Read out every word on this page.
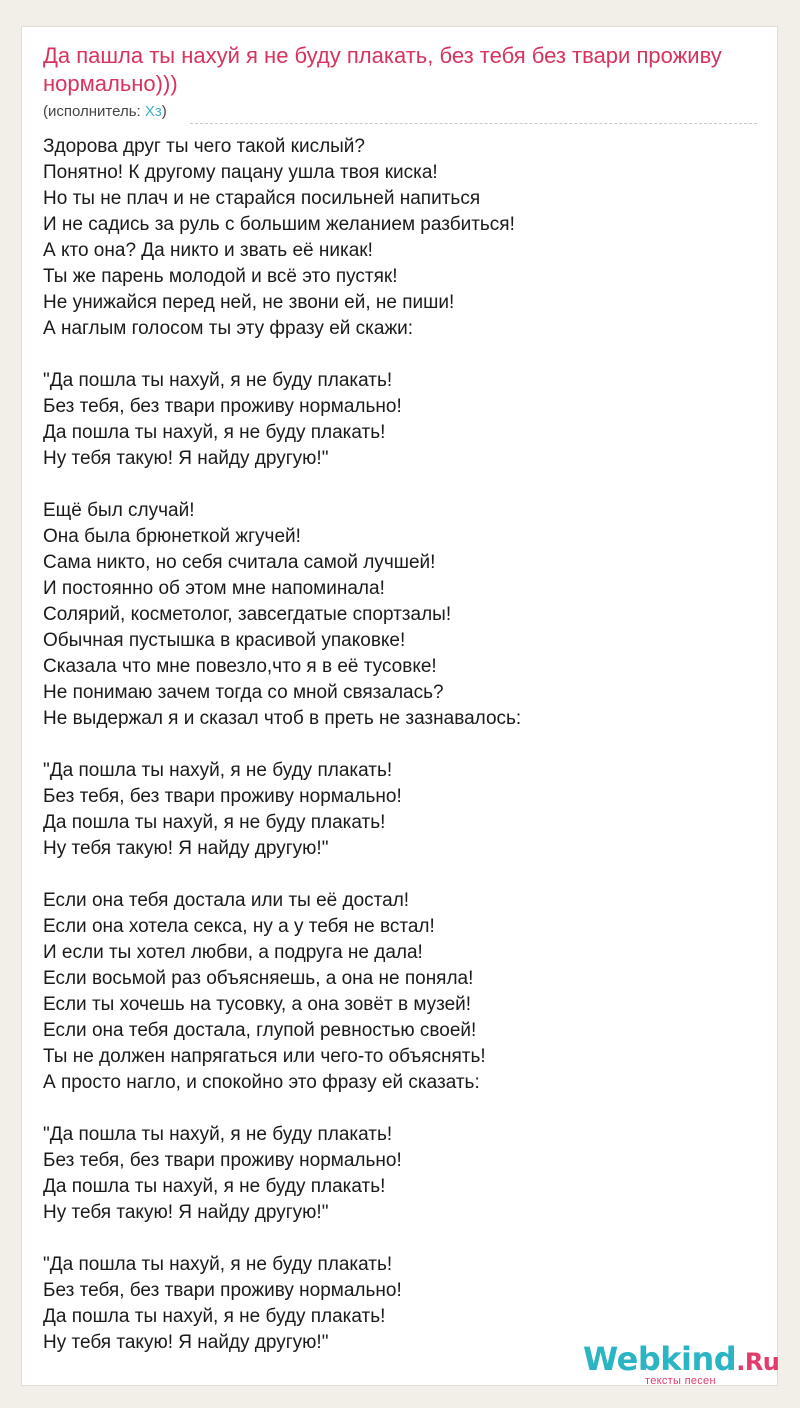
Да пашла ты нахуй я не буду плакать, без тебя без твари проживу нормально)))
(исполнитель: Хз)
Здорова друг ты чего такой кислый?
Понятно! К другому пацану ушла твоя киска!
Но ты не плач и не старайся посильней напиться
И не садись за руль с большим желанием разбиться!
А кто она? Да никто и звать её никак!
Ты же парень молодой и всё это пустяк!
Не унижайся перед ней, не звони ей, не пиши!
А наглым голосом ты эту фразу ей скажи:
"Да пошла ты нахуй, я не буду плакать!
Без тебя, без твари проживу нормально!
Да пошла ты нахуй, я не буду плакать!
Ну тебя такую! Я найду другую!"
Ещё был случай!
Она была брюнеткой жгучей!
Сама никто, но себя считала самой лучшей!
И постоянно об этом мне напоминала!
Солярий, косметолог, завсегдатые спортзалы!
Обычная пустышка в красивой упаковке!
Сказала что мне повезло,что я в её тусовке!
Не понимаю зачем тогда со мной связалась?
Не выдержал я и сказал чтоб в преть не зазнавалось:
"Да пошла ты нахуй, я не буду плакать!
Без тебя, без твари проживу нормально!
Да пошла ты нахуй, я не буду плакать!
Ну тебя такую! Я найду другую!"
Если она тебя достала или ты её достал!
Если она хотела секса, ну а у тебя не встал!
И если ты хотел любви, а подруга не дала!
Если восьмой раз объясняешь, а она не поняла!
Если ты хочешь на тусовку, а она зовёт в музей!
Если она тебя достала, глупой ревностью своей!
Ты не должен напрягаться или чего-то объяснять!
А просто нагло, и спокойно это фразу ей сказать:
"Да пошла ты нахуй, я не буду плакать!
Без тебя, без твари проживу нормально!
Да пошла ты нахуй, я не буду плакать!
Ну тебя такую! Я найду другую!"
"Да пошла ты нахуй, я не буду плакать!
Без тебя, без твари проживу нормально!
Да пошла ты нахуй, я не буду плакать!
Ну тебя такую! Я найду другую!"	Webkind.Ru
тексты песен
